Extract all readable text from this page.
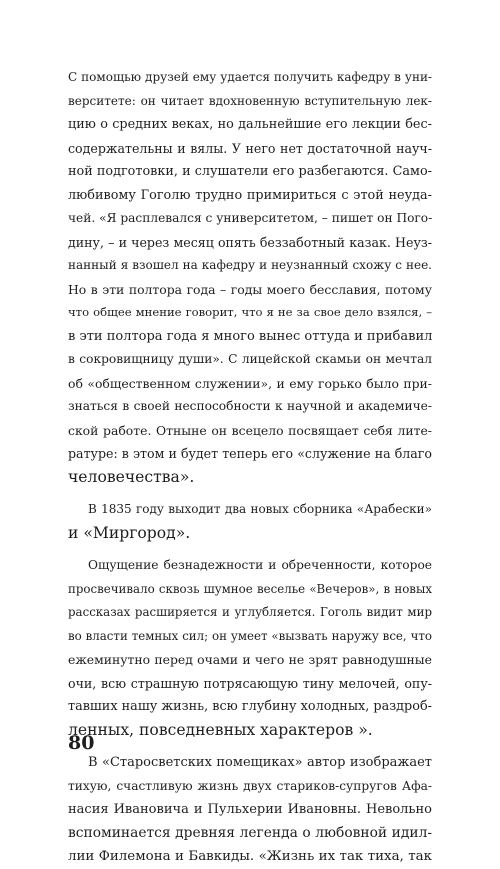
С помощью друзей ему удается получить кафедру в уни-
верситете: он читает вдохновенную вступительную лек-
цию о средних веках, но дальнейшие его лекции бес-
содержательны и вялы. У него нет достаточной науч-
ной подготовки, и слушатели его разбегаются. Само-
любивому Гоголю трудно примириться с этой неуда-
чей. «Я расплевался с университетом, – пишет он Пого-
дину, – и через месяц опять беззаботный казак. Неуз-
нанный я взошел на кафедру и неузнанный схожу с нее.
Но в эти полтора года – годы моего бесславия, потому
что общее мнение говорит, что я не за свое дело взялся, –
в эти полтора года я много вынес оттуда и прибавил
в сокровищницу души». С лицейской скамьи он мечтал
об «общественном служении», и ему горько было при-
знаться в своей неспособности к научной и академиче-
ской работе. Отныне он всецело посвящает себя лите-
ратуре: в этом и будет теперь его «служение на благо
человечества».
В 1835 году выходит два новых сборника «Арабески»
и «Миргород».
Ощущение безнадежности и обреченности, которое
просвечивало сквозь шумное веселье «Вечеров», в новых
рассказах расширяется и углубляется. Гоголь видит мир
во власти темных сил; он умеет «вызвать наружу все, что
ежеминутно перед очами и чего не зрят равнодушные
очи, всю страшную потрясающую тину мелочей, опу-
тавших нашу жизнь, всю глубину холодных, раздроб-
ленных, повседневных характеров ».
В «Старосветских помещиках» автор изображает
тихую, счастливую жизнь двух стариков-супругов Афа-
насия Ивановича и Пульхерии Ивановны. Невольно
вспоминается древняя легенда о любовной идил-
лии Филемона и Бавкиды. «Жизнь их так тиха, так
80
